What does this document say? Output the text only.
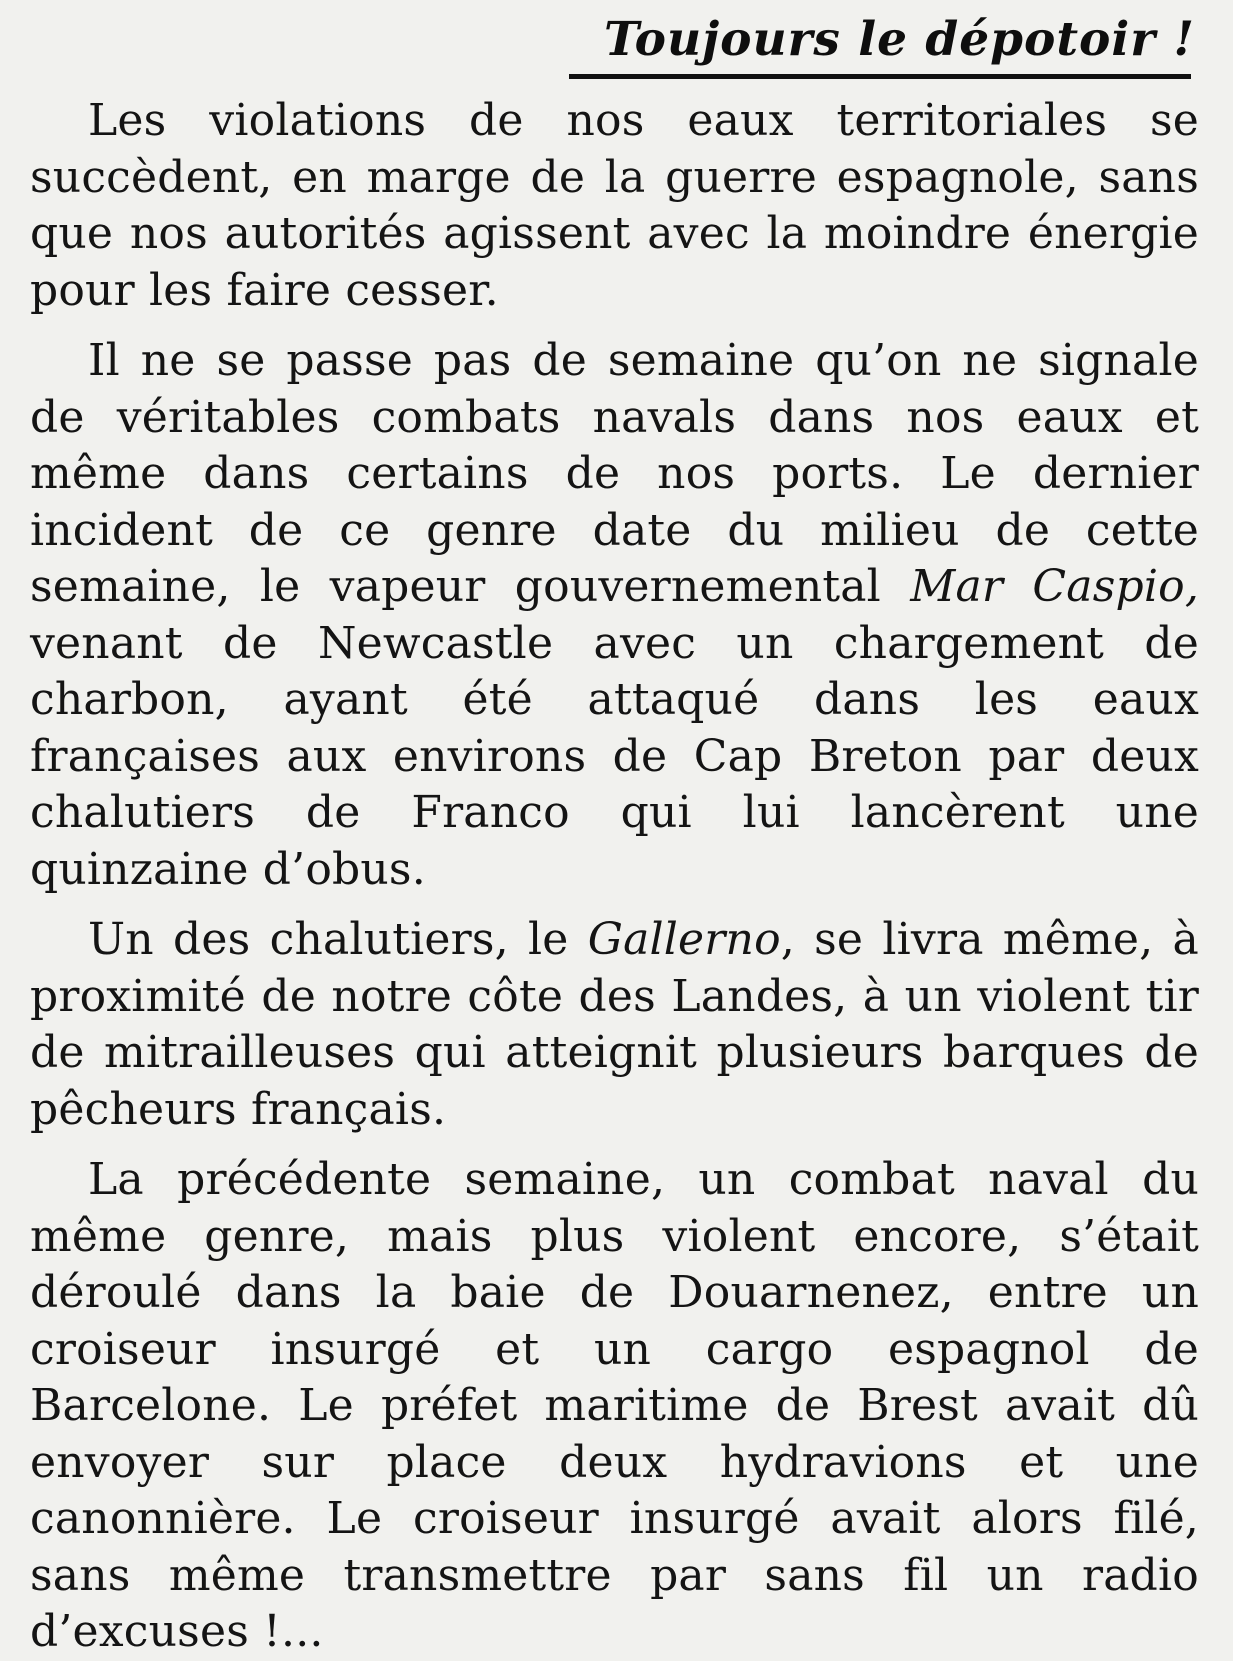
Toujours le dépotoir !

Les violations de nos eaux territoriales se succèdent, en marge de la guerre espagnole, sans que nos autorités agissent avec la moindre énergie pour les faire cesser.

Il ne se passe pas de semaine qu’on ne signale de véritables combats navals dans nos eaux et même dans certains de nos ports. Le dernier incident de ce genre date du milieu de cette semaine, le vapeur gouvernemental Mar Caspio, venant de Newcastle avec un chargement de charbon, ayant été attaqué dans les eaux françaises aux environs de Cap Breton par deux chalutiers de Franco qui lui lancèrent une quinzaine d’obus.

Un des chalutiers, le Gallerno, se livra même, à proximité de notre côte des Landes, à un violent tir de mitrailleuses qui atteignit plusieurs barques de pêcheurs français.

La précédente semaine, un combat naval du même genre, mais plus violent encore, s’était déroulé dans la baie de Douarnenez, entre un croiseur insurgé et un cargo espagnol de Barcelone. Le préfet maritime de Brest avait dû envoyer sur place deux hydravions et une canonnière. Le croiseur insurgé avait alors filé, sans même transmettre par sans fil un radio d’excuses !...
